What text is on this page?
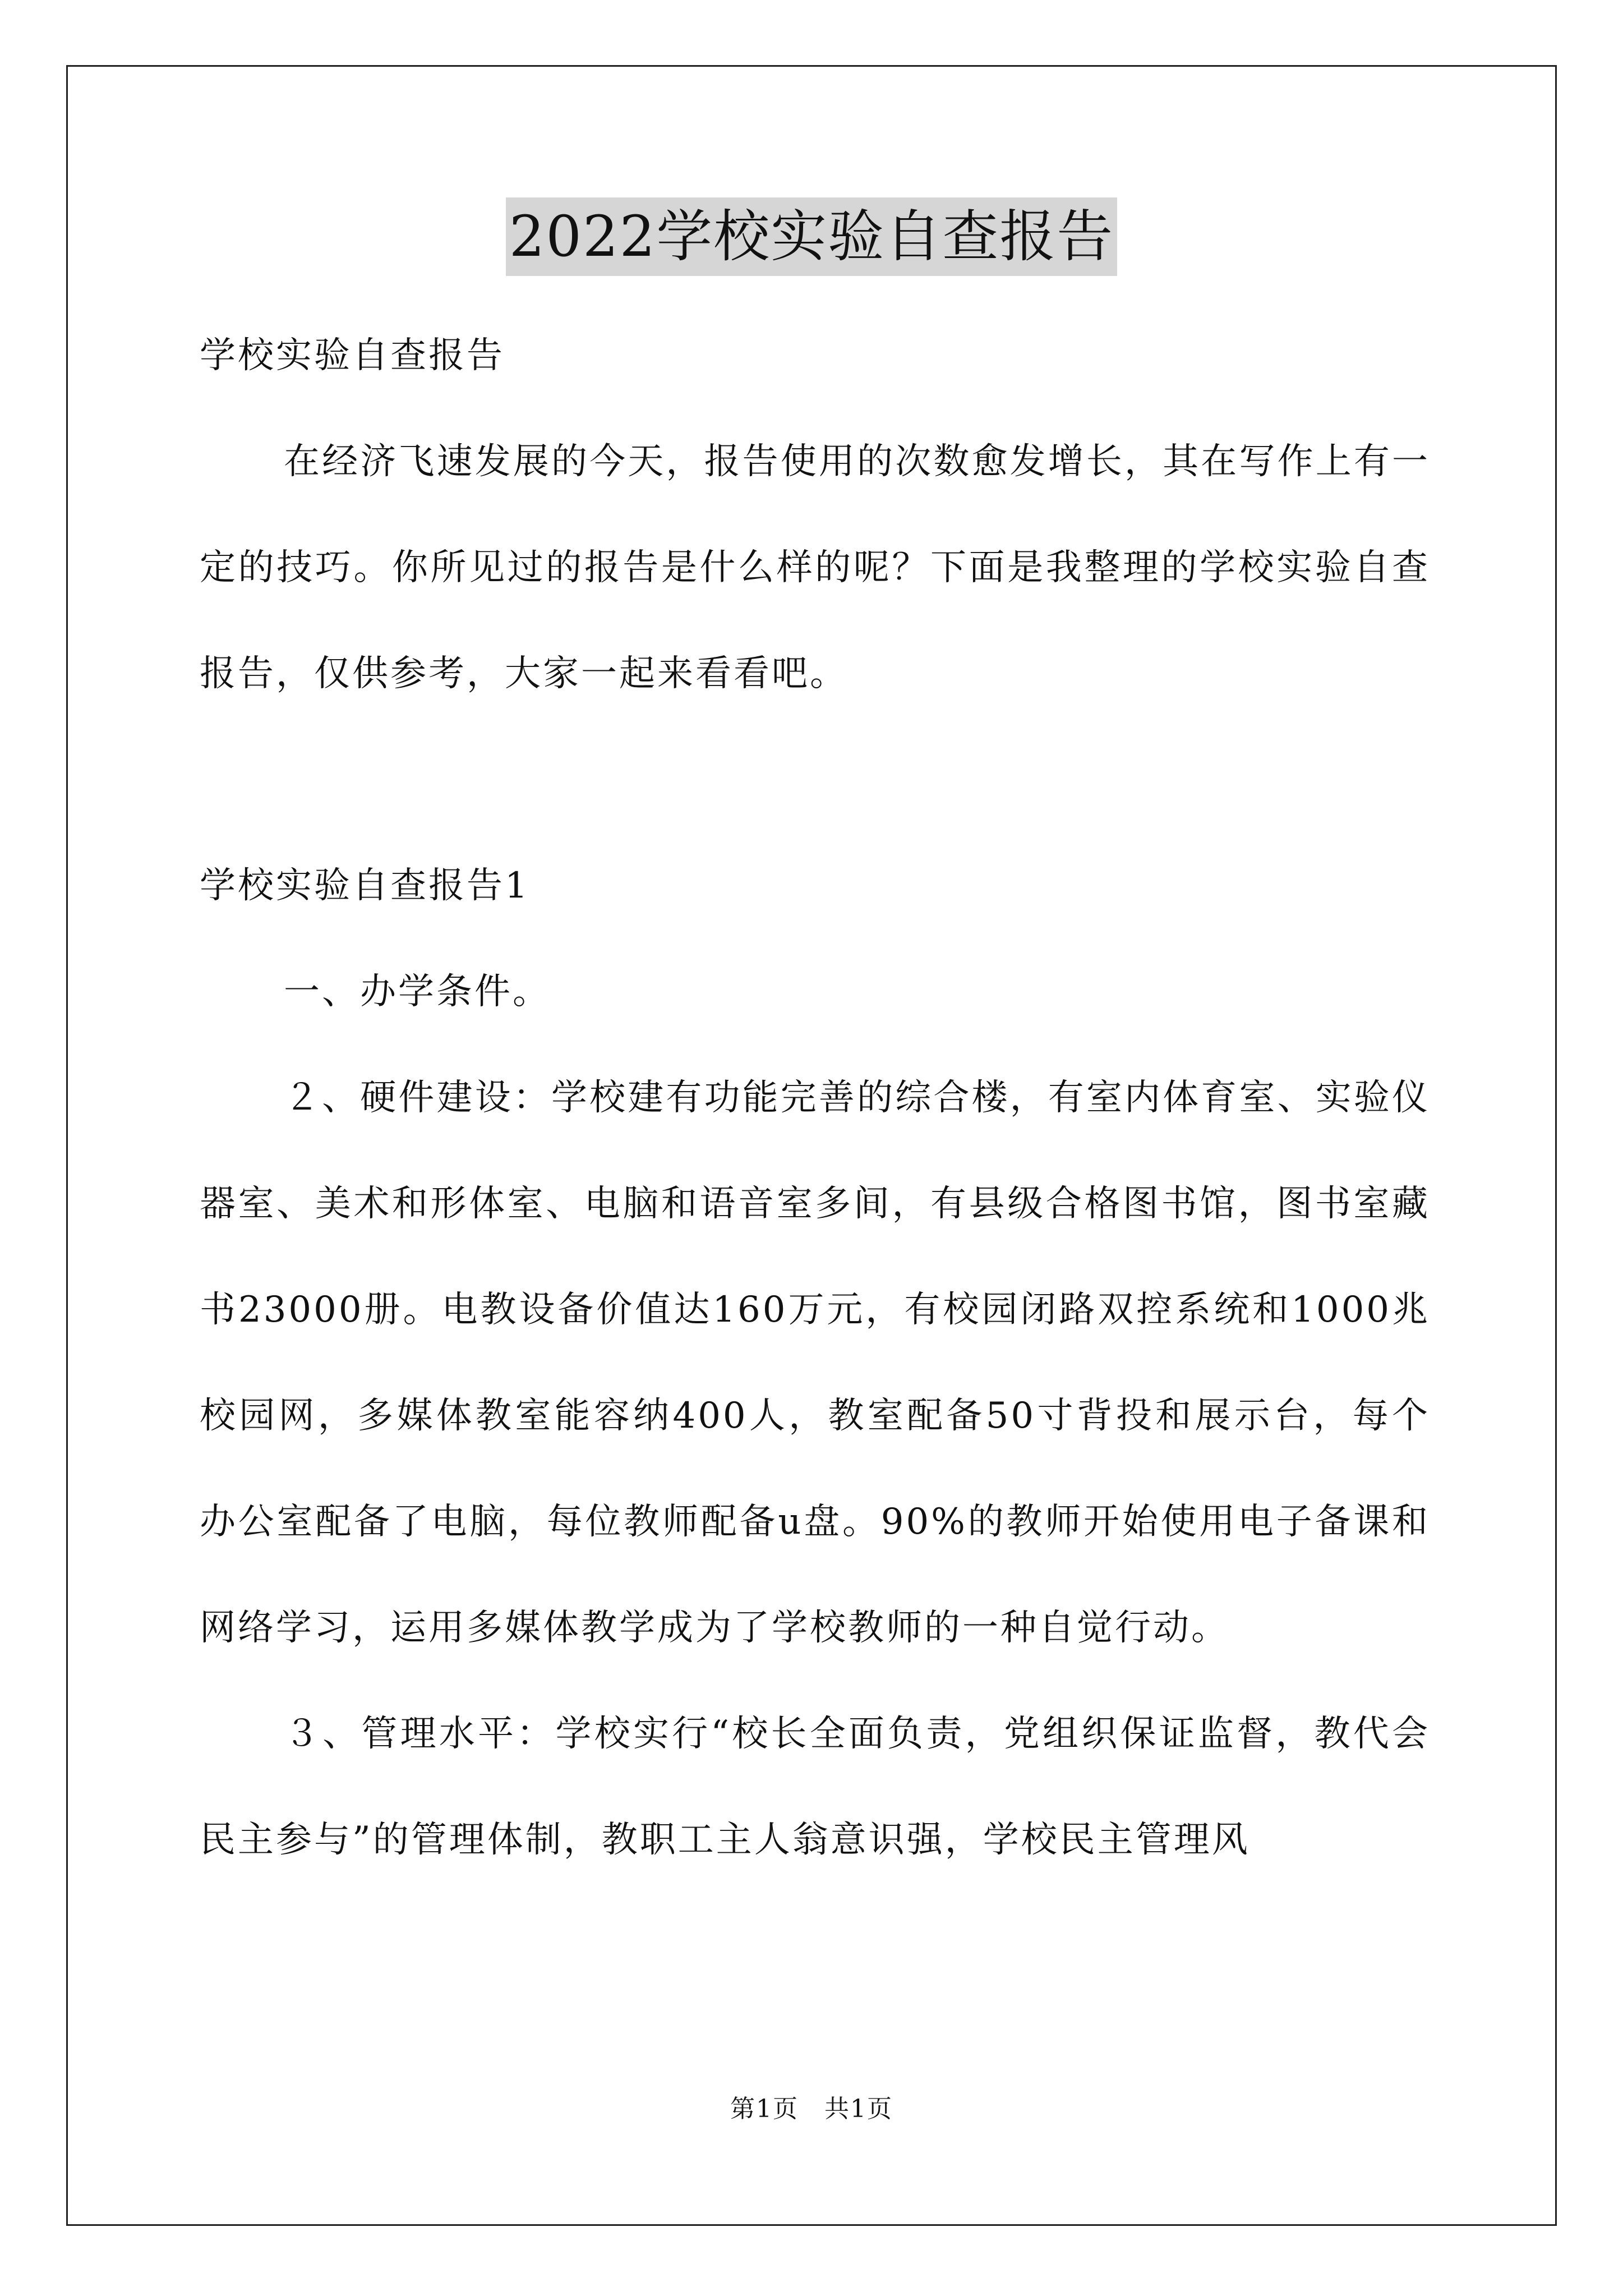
2022学校实验自查报告

学校实验自查报告

在经济飞速发展的今天，报告使用的次数愈发增长，其在写作上有一定的技巧。你所见过的报告是什么样的呢？下面是我整理的学校实验自查报告，仅供参考，大家一起来看看吧。

学校实验自查报告1

一、办学条件。

２、硬件建设：学校建有功能完善的综合楼，有室内体育室、实验仪器室、美术和形体室、电脑和语音室多间，有县级合格图书馆，图书室藏书23000册。电教设备价值达160万元，有校园闭路双控系统和1000兆校园网，多媒体教室能容纳400人，教室配备50寸背投和展示台，每个办公室配备了电脑，每位教师配备u盘。90%的教师开始使用电子备课和网络学习，运用多媒体教学成为了学校教师的一种自觉行动。

３、管理水平：学校实行“校长全面负责，党组织保证监督，教代会民主参与”的管理体制，教职工主人翁意识强，学校民主管理风

第1页　共1页
